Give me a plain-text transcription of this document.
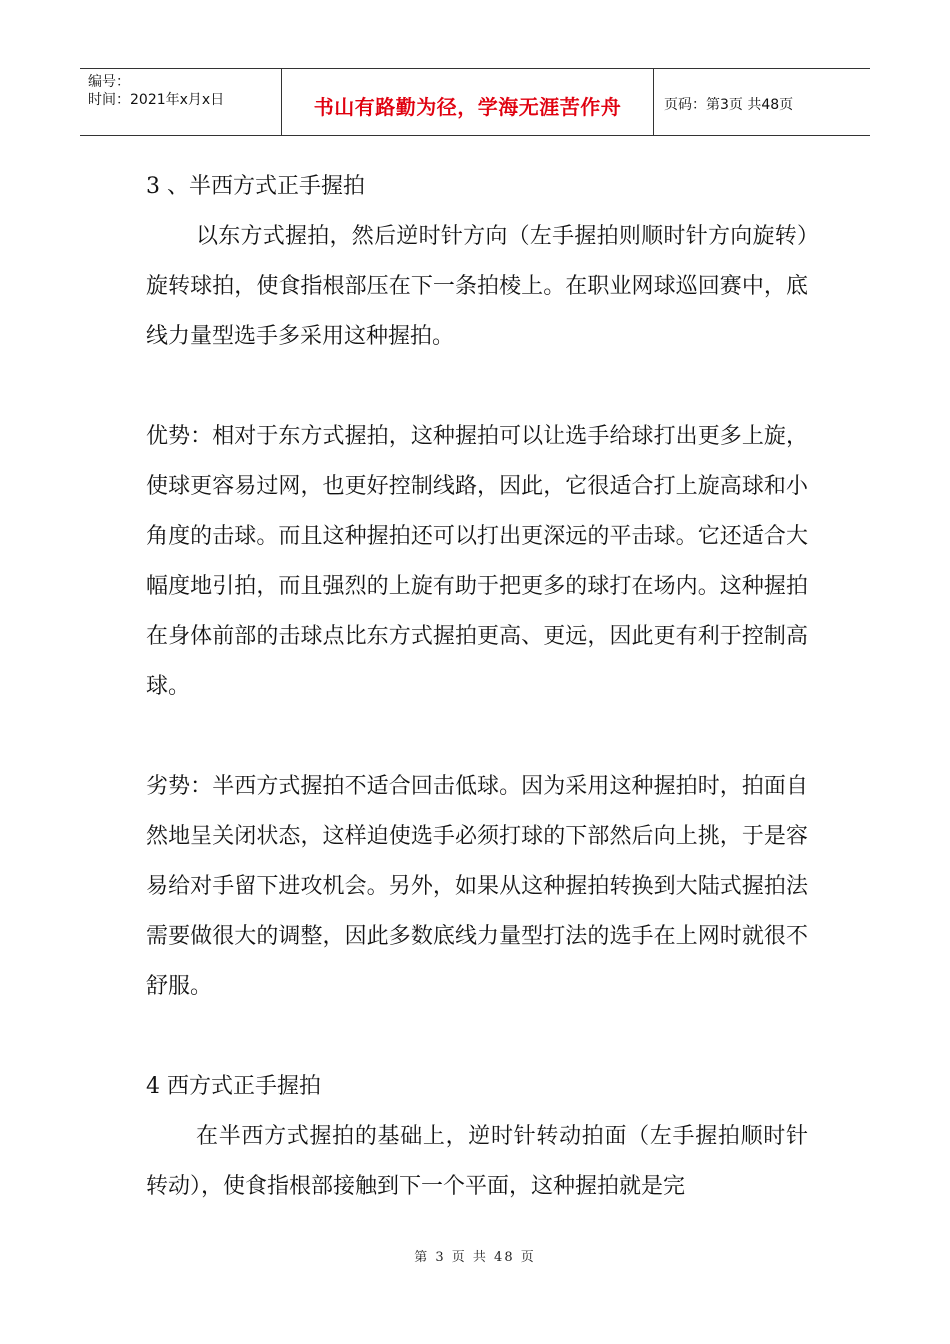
编号：
时间：2021年x月x日	书山有路勤为径，学海无涯苦作舟	页码：第3页 共48页

3 、半西方式正手握拍

以东方式握拍，然后逆时针方向（左手握拍则顺时针方向旋转）旋转球拍，使食指根部压在下一条拍棱上。在职业网球巡回赛中，底线力量型选手多采用这种握拍。

优势：相对于东方式握拍，这种握拍可以让选手给球打出更多上旋，使球更容易过网，也更好控制线路，因此，它很适合打上旋高球和小角度的击球。而且这种握拍还可以打出更深远的平击球。它还适合大幅度地引拍，而且强烈的上旋有助于把更多的球打在场内。这种握拍在身体前部的击球点比东方式握拍更高、更远，因此更有利于控制高球。

劣势：半西方式握拍不适合回击低球。因为采用这种握拍时，拍面自然地呈关闭状态，这样迫使选手必须打球的下部然后向上挑，于是容易给对手留下进攻机会。另外，如果从这种握拍转换到大陆式握拍法需要做很大的调整，因此多数底线力量型打法的选手在上网时就很不舒服。

4 西方式正手握拍

在半西方式握拍的基础上，逆时针转动拍面（左手握拍顺时针转动），使食指根部接触到下一个平面，这种握拍就是完

第 3 页 共 48 页
